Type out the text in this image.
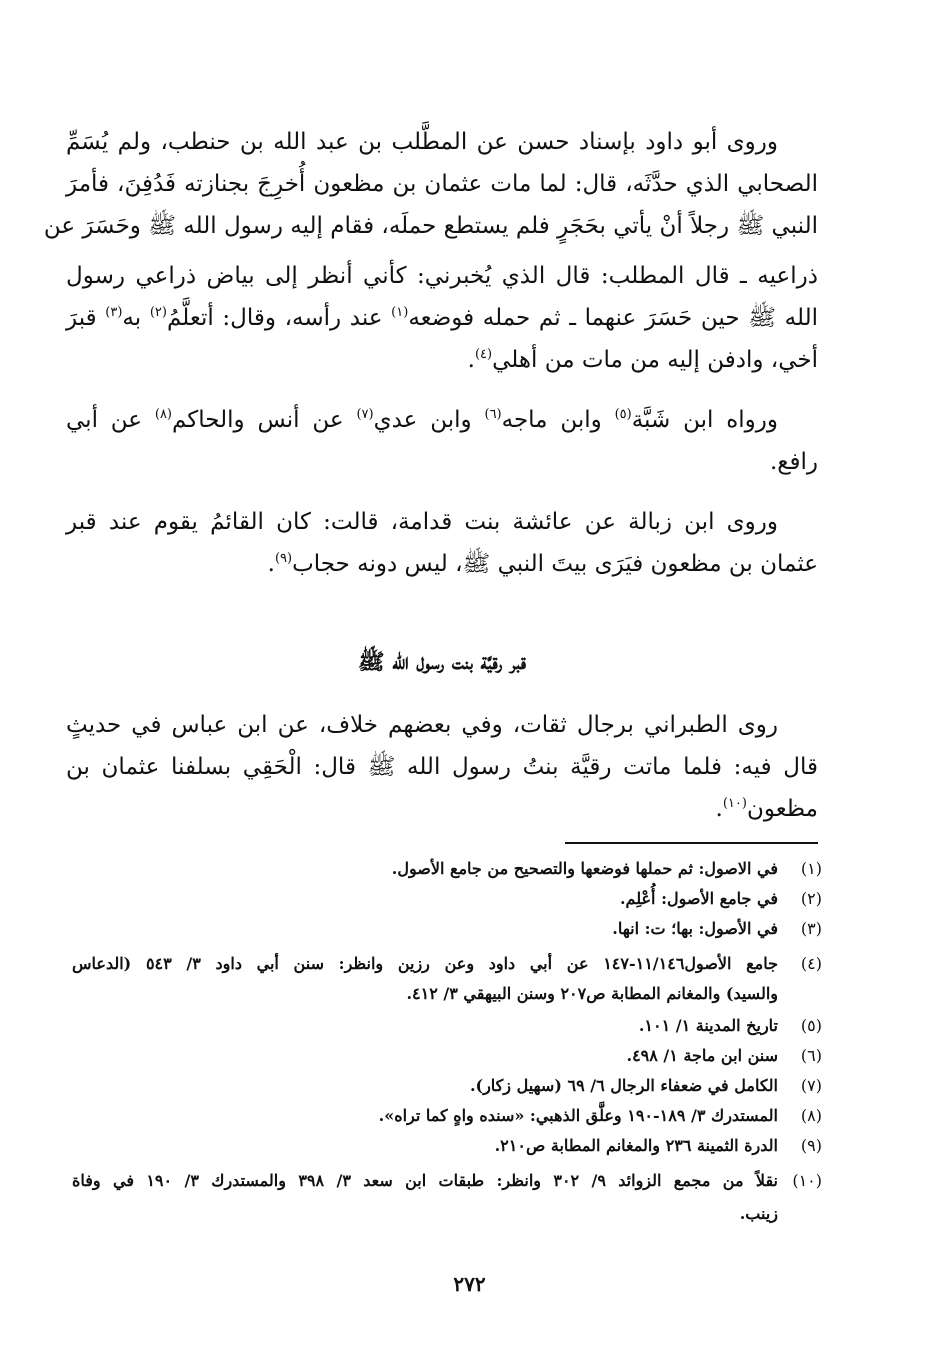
وروى أبو داود بإسناد حسن عن المطَّلب بن عبد الله بن حنطب، ولم يُسَمِّ
الصحابي الذي حدَّثَه، قال: لما مات عثمان بن مظعون أُخرِجَ بجنازته فَدُفِنَ، فأمرَ
النبي ﷺ رجلاً أنْ يأتي بحَجَرٍ فلم يستطع حملَه، فقام إليه رسول الله ﷺ وحَسَرَ عن
ذراعيه ـ قال المطلب: قال الذي يُخبرني: كأني أنظر إلى بياض ذراعي رسول
الله ﷺ حين حَسَرَ عنهما ـ ثم حمله فوضعه$^{(١)}$ عند رأسه، وقال: أتعلَّمُ$^{(٢)}$ به$^{(٣)}$ قبرَ
أخي، وادفن إليه من مات من أهلي$^{(٤)}$.
ورواه ابن شَبَّة$^{(٥)}$ وابن ماجه$^{(٦)}$ وابن عدي$^{(٧)}$ عن أنس والحاكم$^{(٨)}$ عن أبي
رافع.
وروى ابن زبالة عن عائشة بنت قدامة، قالت: كان القائمُ يقوم عند قبر
عثمان بن مظعون فيَرَى بيتَ النبي ﷺ، ليس دونه حجاب$^{(٩)}$.
قبر رقيَّة بنت رسول الله ﷺ
روى الطبراني برجال ثقات، وفي بعضهم خلاف، عن ابن عباس في حديثٍ
قال فيه: فلما ماتت رقيَّة بنتُ رسول الله ﷺ قال: الْحَقِي بسلفنا عثمان بن
مظعون$^{(١٠)}$.
(١)في الاصول: ثم حملها فوضعها والتصحيح من جامع الأصول.
(٢)في جامع الأصول: أُعْلِم.
(٣)في الأصول: بها؛ ت: انها.
(٤)جامع الأصول١١/١٤٦-١٤٧ عن أبي داود وعن رزين وانظر: سنن أبي داود ٣/ ٥٤٣ (الدعاس
والسيد) والمغانم المطابة ص٢٠٧ وسنن البيهقي ٣/ ٤١٢.
(٥)تاريخ المدينة ١/ ١٠١.
(٦)سنن ابن ماجة ١/ ٤٩٨.
(٧)الكامل في ضعفاء الرجال ٦/ ٦٩ (سهيل زكار).
(٨)المستدرك ٣/ ١٨٩-١٩٠ وعلَّق الذهبي: «سنده واهٍ كما تراه».
(٩)الدرة الثمينة ٢٣٦ والمغانم المطابة ص٢١٠.
(١٠)نقلاً من مجمع الزوائد ٩/ ٣٠٢ وانظر: طبقات ابن سعد ٣/ ٣٩٨ والمستدرك ٣/ ١٩٠ في وفاة
زينب.
٢٧٢
